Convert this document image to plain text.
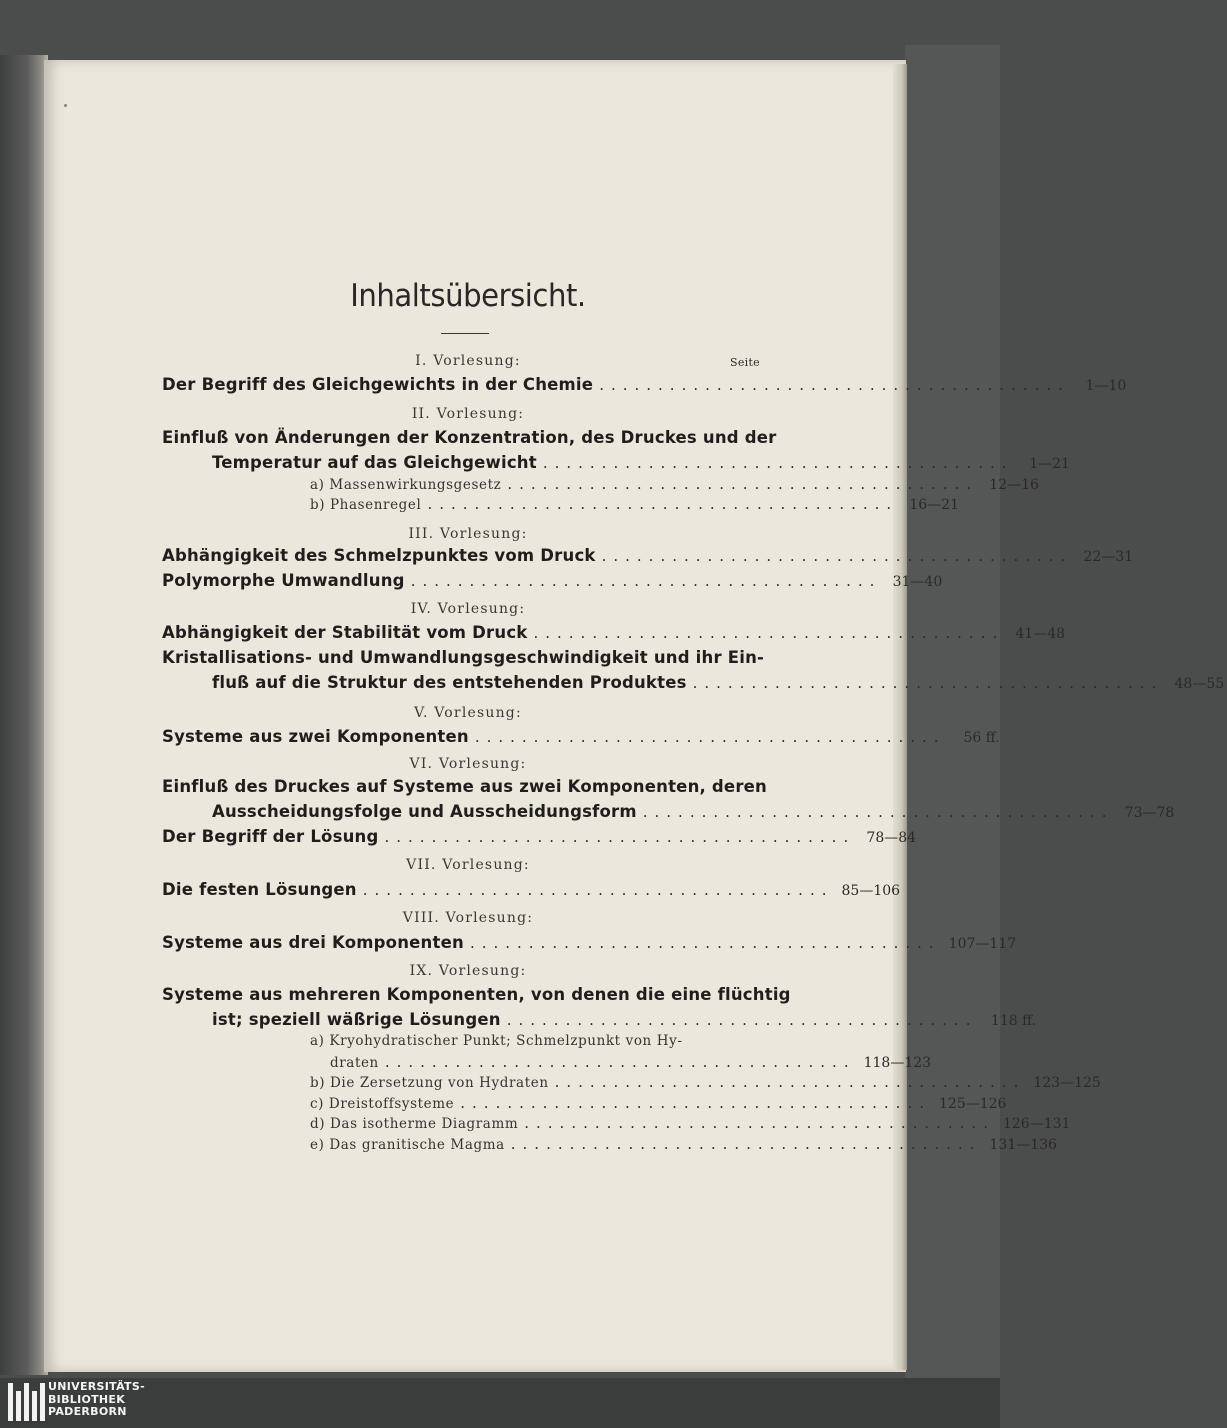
Inhaltsübersicht.
Seite
I. Vorlesung:
II. Vorlesung:
III. Vorlesung:
IV. Vorlesung:
V. Vorlesung:
VI. Vorlesung:
VII. Vorlesung:
VIII. Vorlesung:
IX. Vorlesung:
Der Begriff des Gleichgewichts in der Chemie ........................................	1—10
Einfluß von Änderungen der Konzentration, des Druckes und der
Temperatur auf das Gleichgewicht ........................................	1—21
a) Massenwirkungsgesetz ........................................ 12—16
b) Phasenregel ........................................ 16—21
Abhängigkeit des Schmelzpunktes vom Druck ........................................ 22—31
Polymorphe Umwandlung ........................................ 31—40
Abhängigkeit der Stabilität vom Druck ........................................ 41—48
Kristallisations- und Umwandlungsgeschwindigkeit und ihr Ein-
fluß auf die Struktur des entstehenden Produktes ........................................ 48—55
Systeme aus zwei Komponenten ........................................	56 ff.
Einfluß des Druckes auf Systeme aus zwei Komponenten, deren
Ausscheidungsfolge und Ausscheidungsform ........................................ 73—78
Der Begriff der Lösung ........................................ 78—84
Die festen Lösungen ........................................ 85—106
Systeme aus drei Komponenten ........................................ 107—117
Systeme aus mehreren Komponenten, von denen die eine flüchtig
ist; speziell wäßrige Lösungen ........................................ 118 ff.
a) Kryohydratischer Punkt; Schmelzpunkt von Hy-
draten ........................................ 118—123
b) Die Zersetzung von Hydraten ........................................ 123—125
c) Dreistoffsysteme ........................................ 125—126
d) Das isotherme Diagramm ........................................ 126—131
e) Das granitische Magma ........................................ 131—136
UNIVERSITÄTS-
BIBLIOTHEK
PADERBORN
